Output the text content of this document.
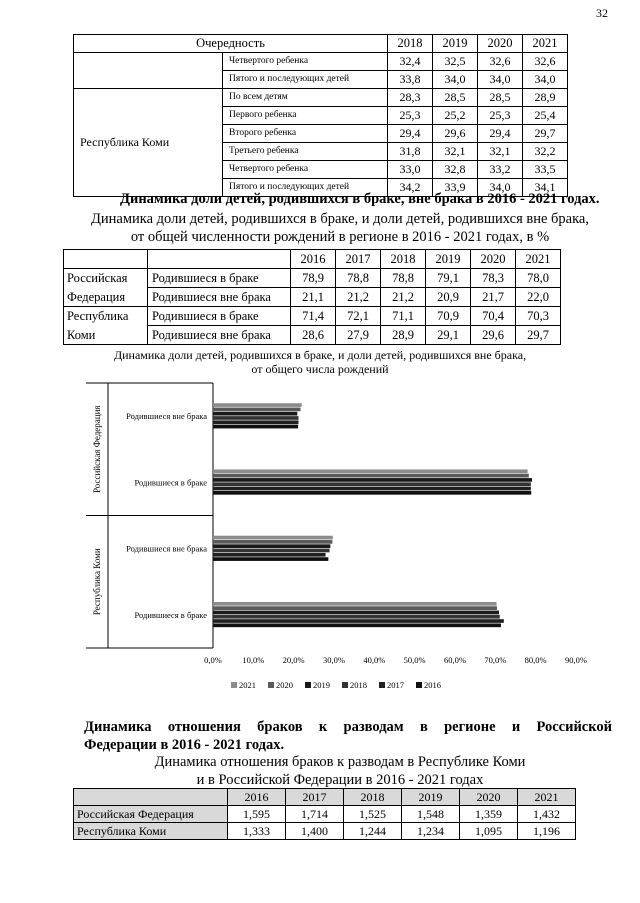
32
Очередность		2018	2019	2020	2021
	Четвертого ребенка	32,4	32,5	32,6	32,6
	Пятого и последующих детей	33,8	34,0	34,0	34,0
Республика Коми	По всем детям	28,3	28,5	28,5	28,9
	Первого ребенка	25,3	25,2	25,3	25,4
	Второго ребенка	29,4	29,6	29,4	29,7
	Третьего ребенка	31,8	32,1	32,1	32,2
	Четвертого ребенка	33,0	32,8	33,2	33,5
	Пятого и последующих детей	34,2	33,9	34,0	34,1
Динамика доли детей, родившихся в браке, вне брака в 2016 - 2021 годах.
Динамика доли детей, родившихся в браке, и доли детей, родившихся вне брака, от общей численности рождений в регионе в 2016 - 2021 годах, в %
		2016	2017	2018	2019	2020	2021
Российская	Родившиеся в браке	78,9	78,8	78,8	79,1	78,3	78,0
Федерация	Родившиеся вне брака	21,1	21,2	21,2	20,9	21,7	22,0
Республика	Родившиеся в браке	71,4	72,1	71,1	70,9	70,4	70,3
Коми	Родившиеся вне брака	28,6	27,9	28,9	29,1	29,6	29,7
Динамика доли детей, родившихся в браке, и доли детей, родившихся вне брака,
от общего числа рождений
Российская Федерация
Республика Коми
Родившиеся вне брака
Родившиеся в браке
Родившиеся вне брака
Родившиеся в браке
0,0% 10,0% 20,0% 30,0% 40,0% 50,0% 60,0% 70,0% 80,0% 90,0%
2021 2020 2019 2018 2017 2016
Динамика отношения браков к разводам в регионе и Российской
Федерации в 2016 - 2021 годах.
Динамика отношения браков к разводам в Республике Коми
и в Российской Федерации в 2016 - 2021 годах
	2016	2017	2018	2019	2020	2021
Российская Федерация	1,595	1,714	1,525	1,548	1,359	1,432
Республика Коми	1,333	1,400	1,244	1,234	1,095	1,196
